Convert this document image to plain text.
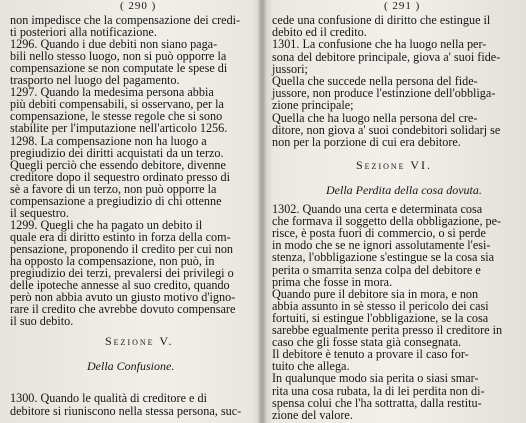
( 290 )
non impedisce che la compensazione dei credi-
ti posteriori alla notificazione.
1296. Quando i due debiti non siano paga-
bili nello stesso luogo, non si può opporre la
compensazione se non computate le spese di
trasporto nel luogo del pagamento.
1297. Quando la medesima persona abbia
più debiti compensabili, si osservano, per la
compensazione, le stesse regole che si sono
stabilite per l'imputazione nell'articolo 1256.
1298. La compensazione non ha luogo a
pregiudizio dei diritti acquistati da un terzo.
Quegli perciò che essendo debitore, divenne
creditore dopo il sequestro ordinato presso di
sè a favore di un terzo, non può opporre la
compensazione a pregiudizio di chi ottenne
il sequestro.
1299. Quegli che ha pagato un debito il
quale era di diritto estinto in forza della com-
pensazione, proponendo il credito per cui non
ha opposto la compensazione, non può, in
pregiudizio dei terzi, prevalersi dei privilegi o
delle ipoteche annesse al suo credito, quando
però non abbia avuto un giusto motivo d'igno-
rare il credito che avrebbe dovuto compensare
il suo debito.
Sezione V.
Della Confusione.
1300. Quando le qualità di creditore e di
debitore si riuniscono nella stessa persona, suc-
( 291 )
cede una confusione di diritto che estingue il
debito ed il credito.
1301. La confusione che ha luogo nella per-
sona del debitore principale, giova a' suoi fide-
jussori;
Quella che succede nella persona del fide-
jussore, non produce l'estinzione dell'obbliga-
zione principale;
Quella che ha luogo nella persona del cre-
ditore, non giova a' suoi condebitori solidarj se
non per la porzione di cui era debitore.
Sezione VI.
Della Perdita della cosa dovuta.
1302. Quando una certa e determinata cosa
che formava il soggetto della obbligazione, pe-
risce, è posta fuori di commercio, o si perde
in modo che se ne ignori assolutamente l'esi-
stenza, l'obbligazione s'estingue se la cosa sia
perita o smarrita senza colpa del debitore e
prima che fosse in mora.
Quando pure il debitore sia in mora, e non
abbia assunto in sè stesso il pericolo dei casi
fortuiti, si estingue l'obbligazione, se la cosa
sarebbe egualmente perita presso il creditore in
caso che gli fosse stata già consegnata.
Il debitore è tenuto a provare il caso for-
tuito che allega.
In qualunque modo sia perita o siasi smar-
rita una cosa rubata, la di lei perdita non di-
spensa colui che l'ha sottratta, dalla restitu-
zione del valore.
